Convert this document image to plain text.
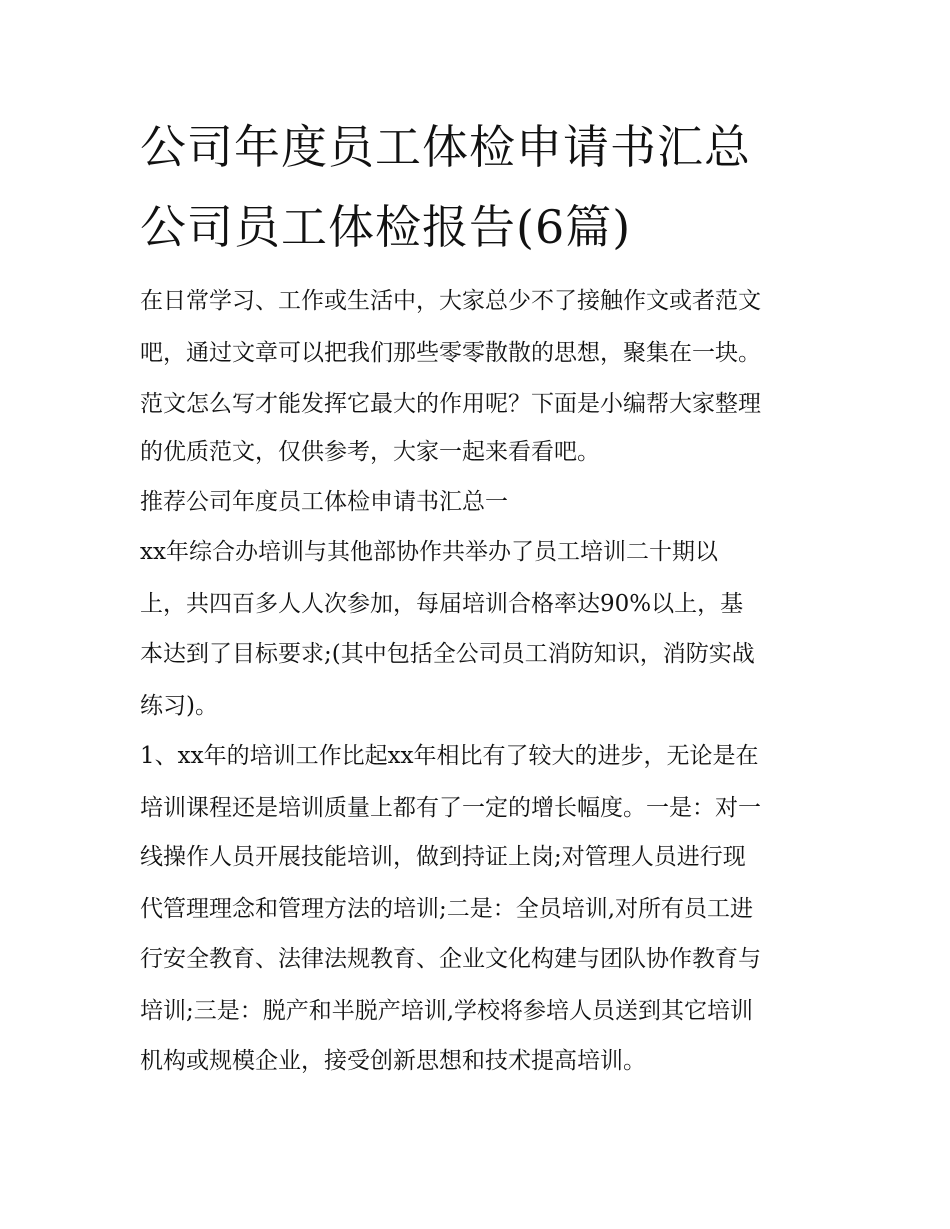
公司年度员工体检申请书汇总
公司员工体检报告(6篇)
在日常学习、工作或生活中，大家总少不了接触作文或者范文
吧，通过文章可以把我们那些零零散散的思想，聚集在一块。
范文怎么写才能发挥它最大的作用呢？下面是小编帮大家整理
的优质范文，仅供参考，大家一起来看看吧。
推荐公司年度员工体检申请书汇总一
xx年综合办培训与其他部协作共举办了员工培训二十期以
上，共四百多人人次参加，每届培训合格率达90%以上，基
本达到了目标要求;(其中包括全公司员工消防知识，消防实战
练习)。
1、xx年的培训工作比起xx年相比有了较大的进步，无论是在
培训课程还是培训质量上都有了一定的增长幅度。一是：对一
线操作人员开展技能培训，做到持证上岗;对管理人员进行现
代管理理念和管理方法的培训;二是：全员培训,对所有员工进
行安全教育、法律法规教育、企业文化构建与团队协作教育与
培训;三是：脱产和半脱产培训,学校将参培人员送到其它培训
机构或规模企业，接受创新思想和技术提高培训。
